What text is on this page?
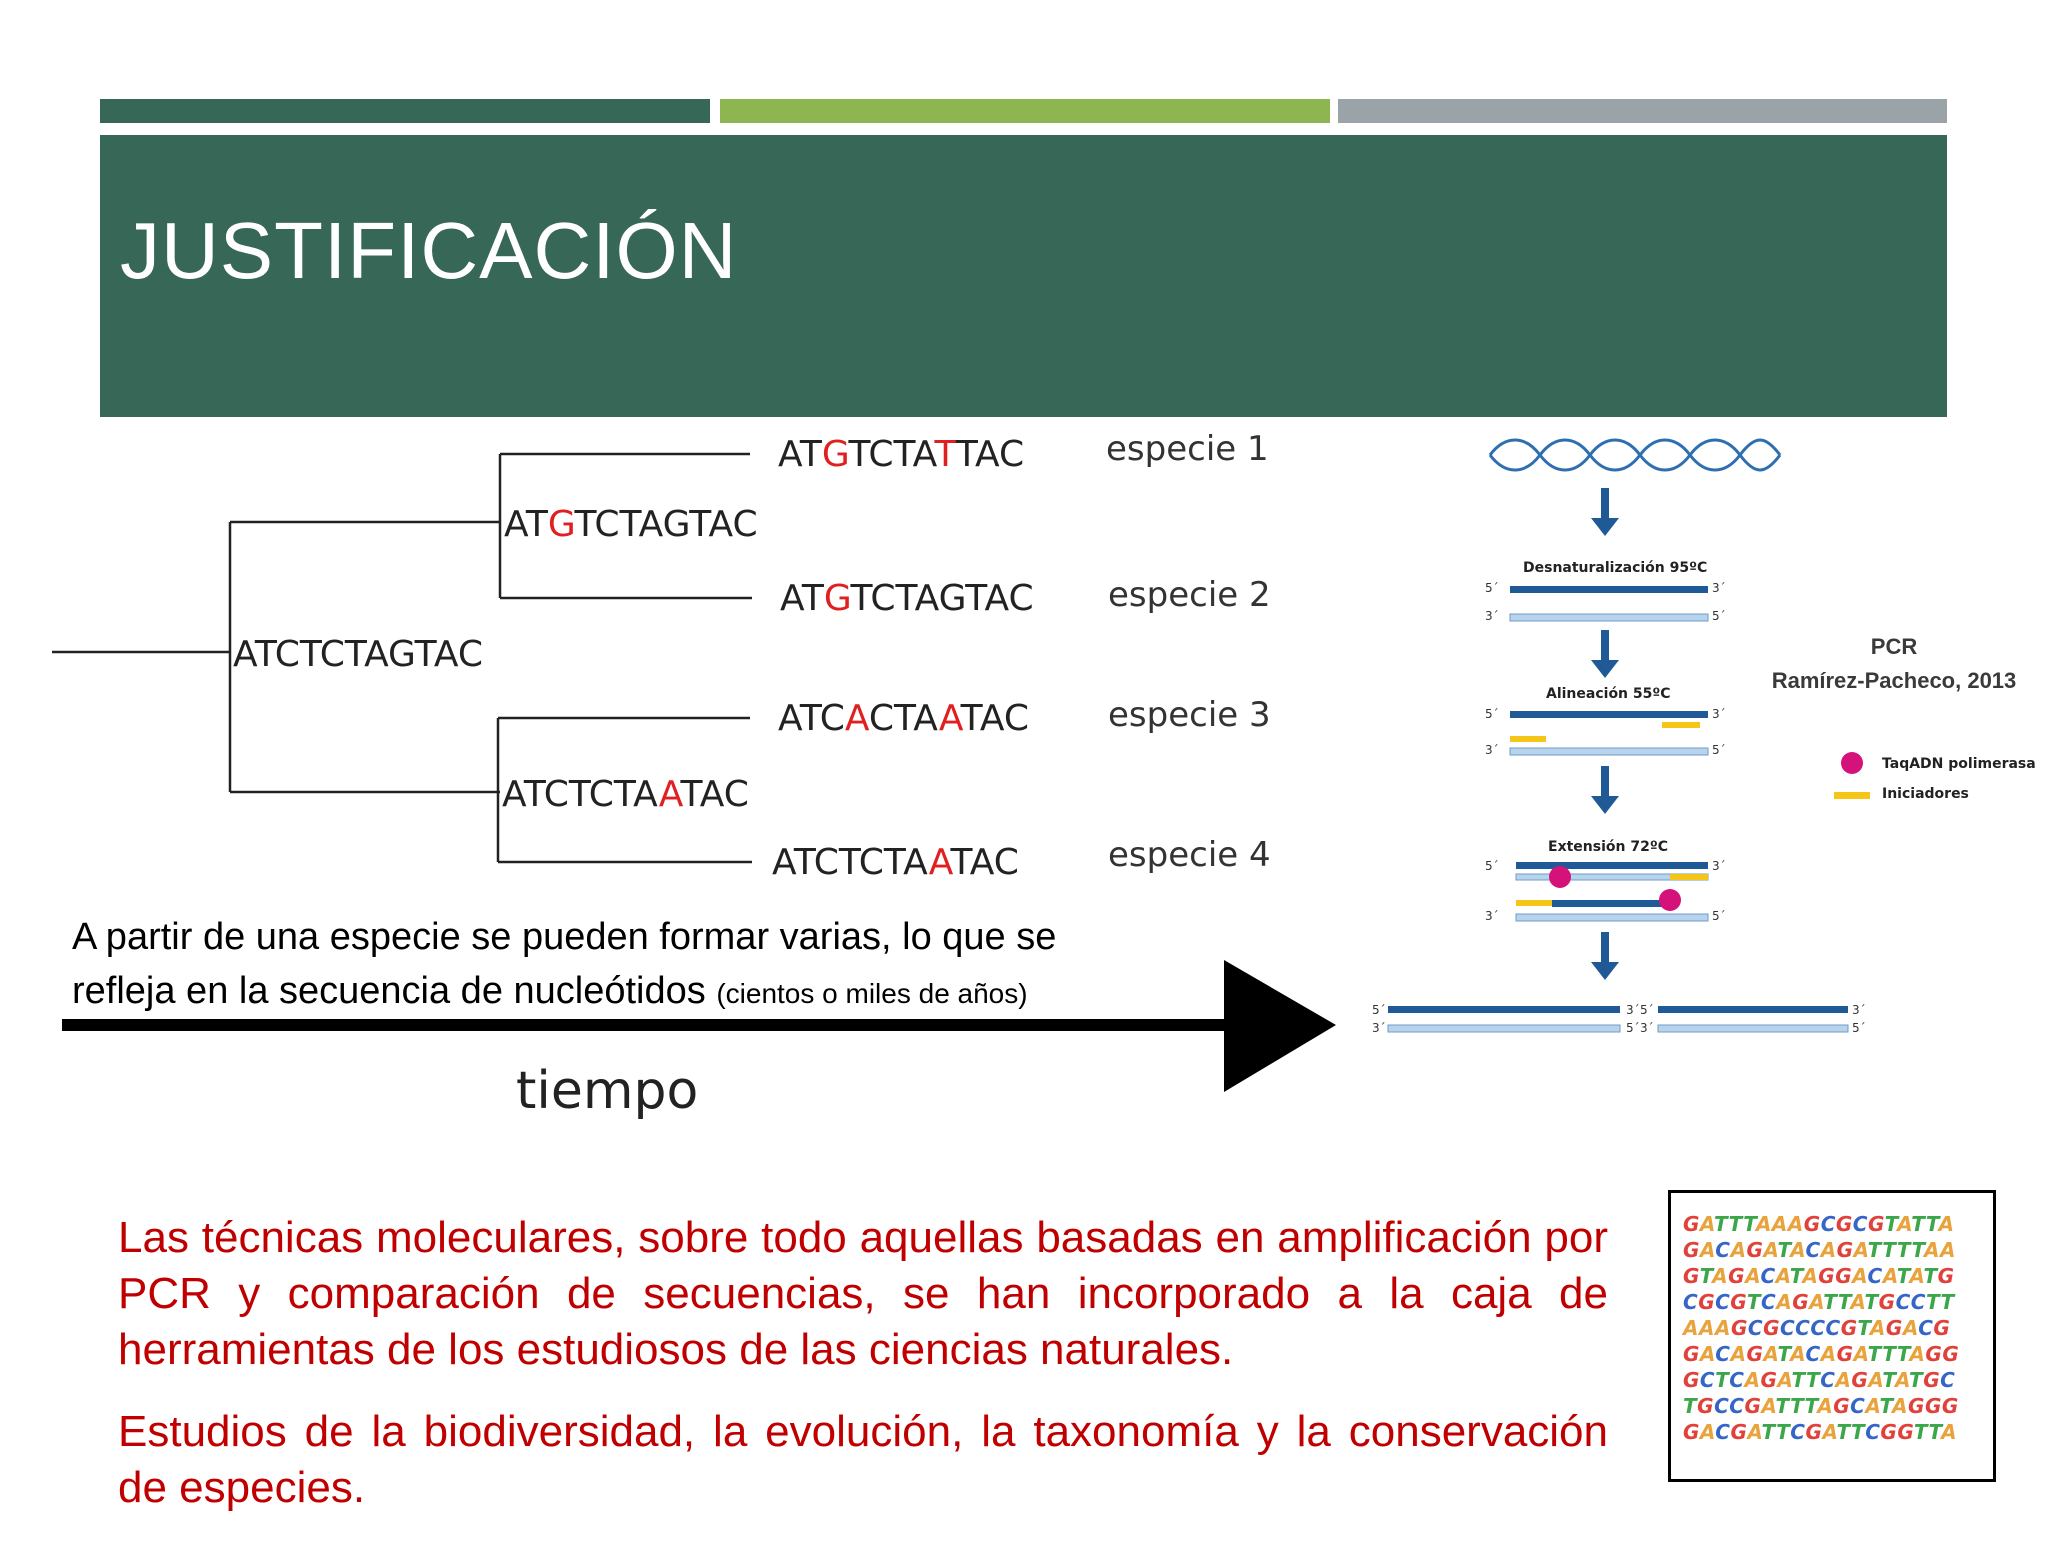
JUSTIFICACIÓN
ATCTCTAGTAC
ATGTCTAGTAC
ATCTCTAATAC
ATGTCTATTAC
ATGTCTAGTAC
ATCACTAATAC
ATCTCTAATAC
especie 1
especie 2
especie 3
especie 4
tiempo
A partir de una especie se pueden formar varias, lo que se
refleja en la secuencia de nucleótidos (cientos o miles de años)
Desnaturalización 95ºC
5´	3´
3´	5´
Alineación 55ºC
5´	3´
3´	5´
Extensión 72ºC
5´	3´
3´	5´
5´	3´
3´	5´
5´	3´
3´	5´
TaqADN polimerasa
Iniciadores
PCR
Ramírez-Pacheco, 2013

Las técnicas moleculares, sobre todo aquellas basadas en amplificación por PCR y comparación de secuencias, se han incorporado a la caja de herramientas de los estudiosos de las ciencias naturales.

Estudios de la biodiversidad, la evolución, la taxonomía y la conservación de especies.

GATTTAAAGCGCGTATTA
GACAGATACAGATTTTAA
GTAGACATAGGACATATG
CGCGTCAGATTATGCCTT
AAAGCGCCCCGTAGACG
GACAGATACAGATTTAGG
GCTCAGATTCAGATATGC
TGCCGATTTAGCATAGGG
GACGATTCGATTCGGTTA
